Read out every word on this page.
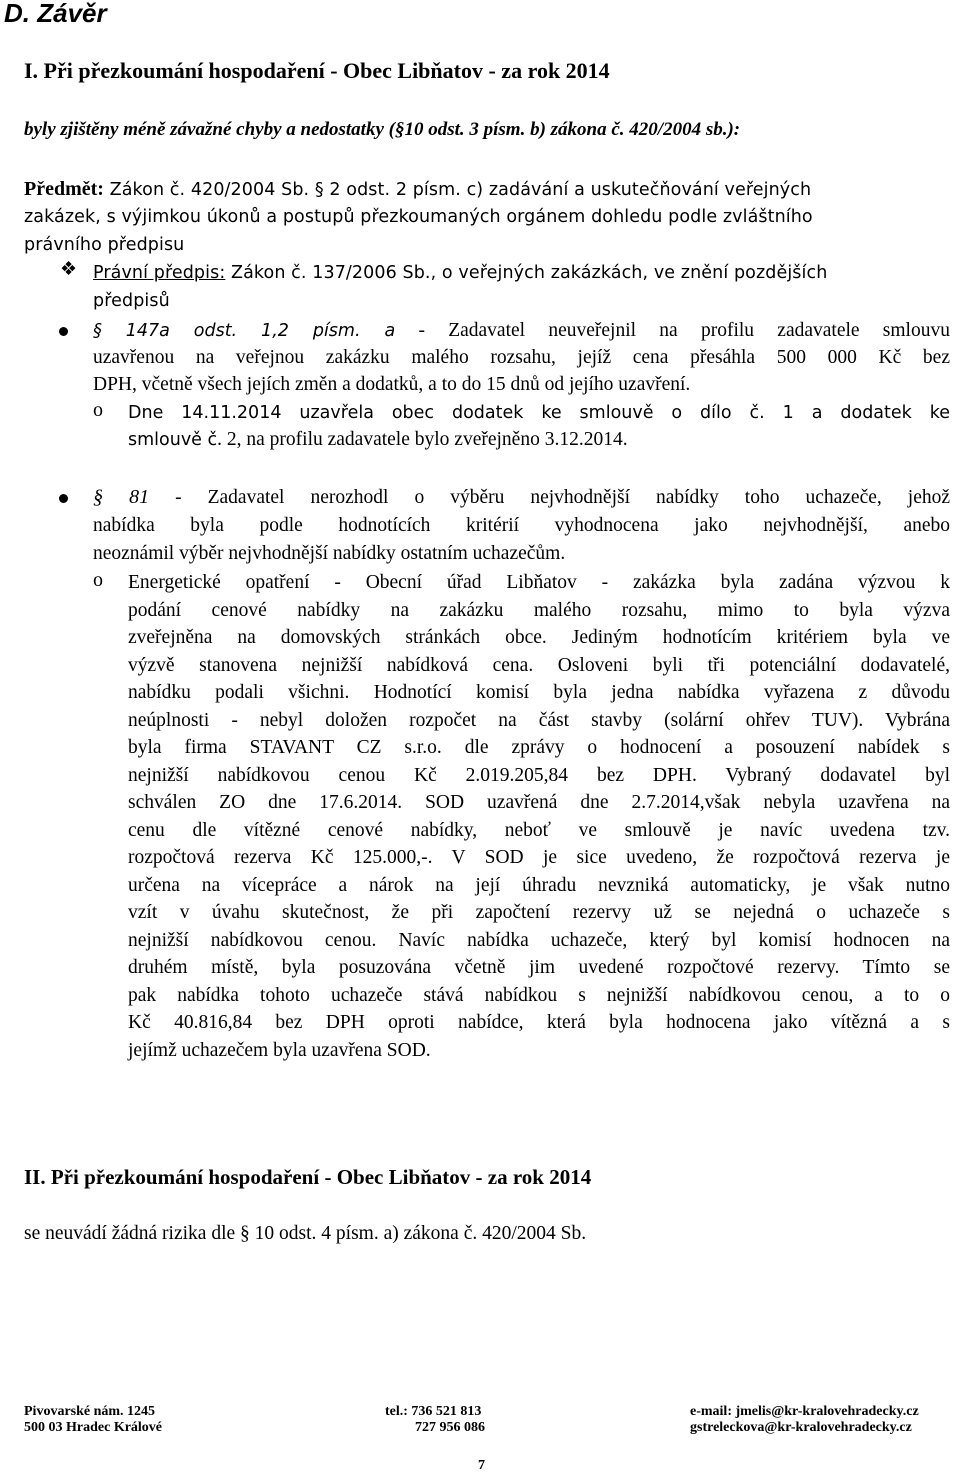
D. Závěr
I. Při přezkoumání hospodaření - Obec Libňatov - za rok 2014
byly zjištěny méně závažné chyby a nedostatky (§10 odst. 3 písm. b) zákona č. 420/2004 sb.):
Předmět: Zákon č. 420/2004 Sb. § 2 odst. 2 písm. c) zadávání a uskutečňování veřejných
zakázek, s výjimkou úkonů a postupů přezkoumaných orgánem dohledu podle zvláštního
právního předpisu
❖ Právní předpis: Zákon č. 137/2006 Sb., o veřejných zakázkách, ve znění pozdějších
předpisů
§ 147a odst. 1,2 písm. a - Zadavatel neuveřejnil na profilu zadavatele smlouvu
uzavřenou na veřejnou zakázku malého rozsahu, jejíž cena přesáhla 500 000 Kč bez
DPH, včetně všech jejích změn a dodatků, a to do 15 dnů od jejího uzavření.
o Dne 14.11.2014 uzavřela obec dodatek ke smlouvě o dílo č. 1 a dodatek ke
smlouvě č. 2, na profilu zadavatele bylo zveřejněno 3.12.2014.
§ 81 - Zadavatel nerozhodl o výběru nejvhodnější nabídky toho uchazeče, jehož
nabídka byla podle hodnotících kritérií vyhodnocena jako nejvhodnější, anebo
neoznámil výběr nejvhodnější nabídky ostatním uchazečům.
o Energetické opatření - Obecní úřad Libňatov - zakázka byla zadána výzvou k
podání cenové nabídky na zakázku malého rozsahu, mimo to byla výzva
zveřejněna na domovských stránkách obce. Jediným hodnotícím kritériem byla ve
výzvě stanovena nejnižší nabídková cena. Osloveni byli tři potenciální dodavatelé,
nabídku podali všichni. Hodnotící komisí byla jedna nabídka vyřazena z důvodu
neúplnosti - nebyl doložen rozpočet na část stavby (solární ohřev TUV). Vybrána
byla firma STAVANT CZ s.r.o. dle zprávy o hodnocení a posouzení nabídek s
nejnižší nabídkovou cenou Kč 2.019.205,84 bez DPH. Vybraný dodavatel byl
schválen ZO dne 17.6.2014. SOD uzavřená dne 2.7.2014,však nebyla uzavřena na
cenu dle vítězné cenové nabídky, neboť ve smlouvě je navíc uvedena tzv.
rozpočtová rezerva Kč 125.000,-. V SOD je sice uvedeno, že rozpočtová rezerva je
určena na vícepráce a nárok na její úhradu nevzniká automaticky, je však nutno
vzít v úvahu skutečnost, že při započtení rezervy už se nejedná o uchazeče s
nejnižší nabídkovou cenou. Navíc nabídka uchazeče, který byl komisí hodnocen na
druhém místě, byla posuzována včetně jim uvedené rozpočtové rezervy. Tímto se
pak nabídka tohoto uchazeče stává nabídkou s nejnižší nabídkovou cenou, a to o
Kč 40.816,84 bez DPH oproti nabídce, která byla hodnocena jako vítězná a s
jejímž uchazečem byla uzavřena SOD.
II. Při přezkoumání hospodaření - Obec Libňatov - za rok 2014
se neuvádí žádná rizika dle § 10 odst. 4 písm. a) zákona č. 420/2004 Sb.
Pivovarské nám. 1245
500 03 Hradec Králové
tel.: 736 521 813
727 956 086
e-mail: jmelis@kr-kralovehradecky.cz
gstreleckova@kr-kralovehradecky.cz
7
